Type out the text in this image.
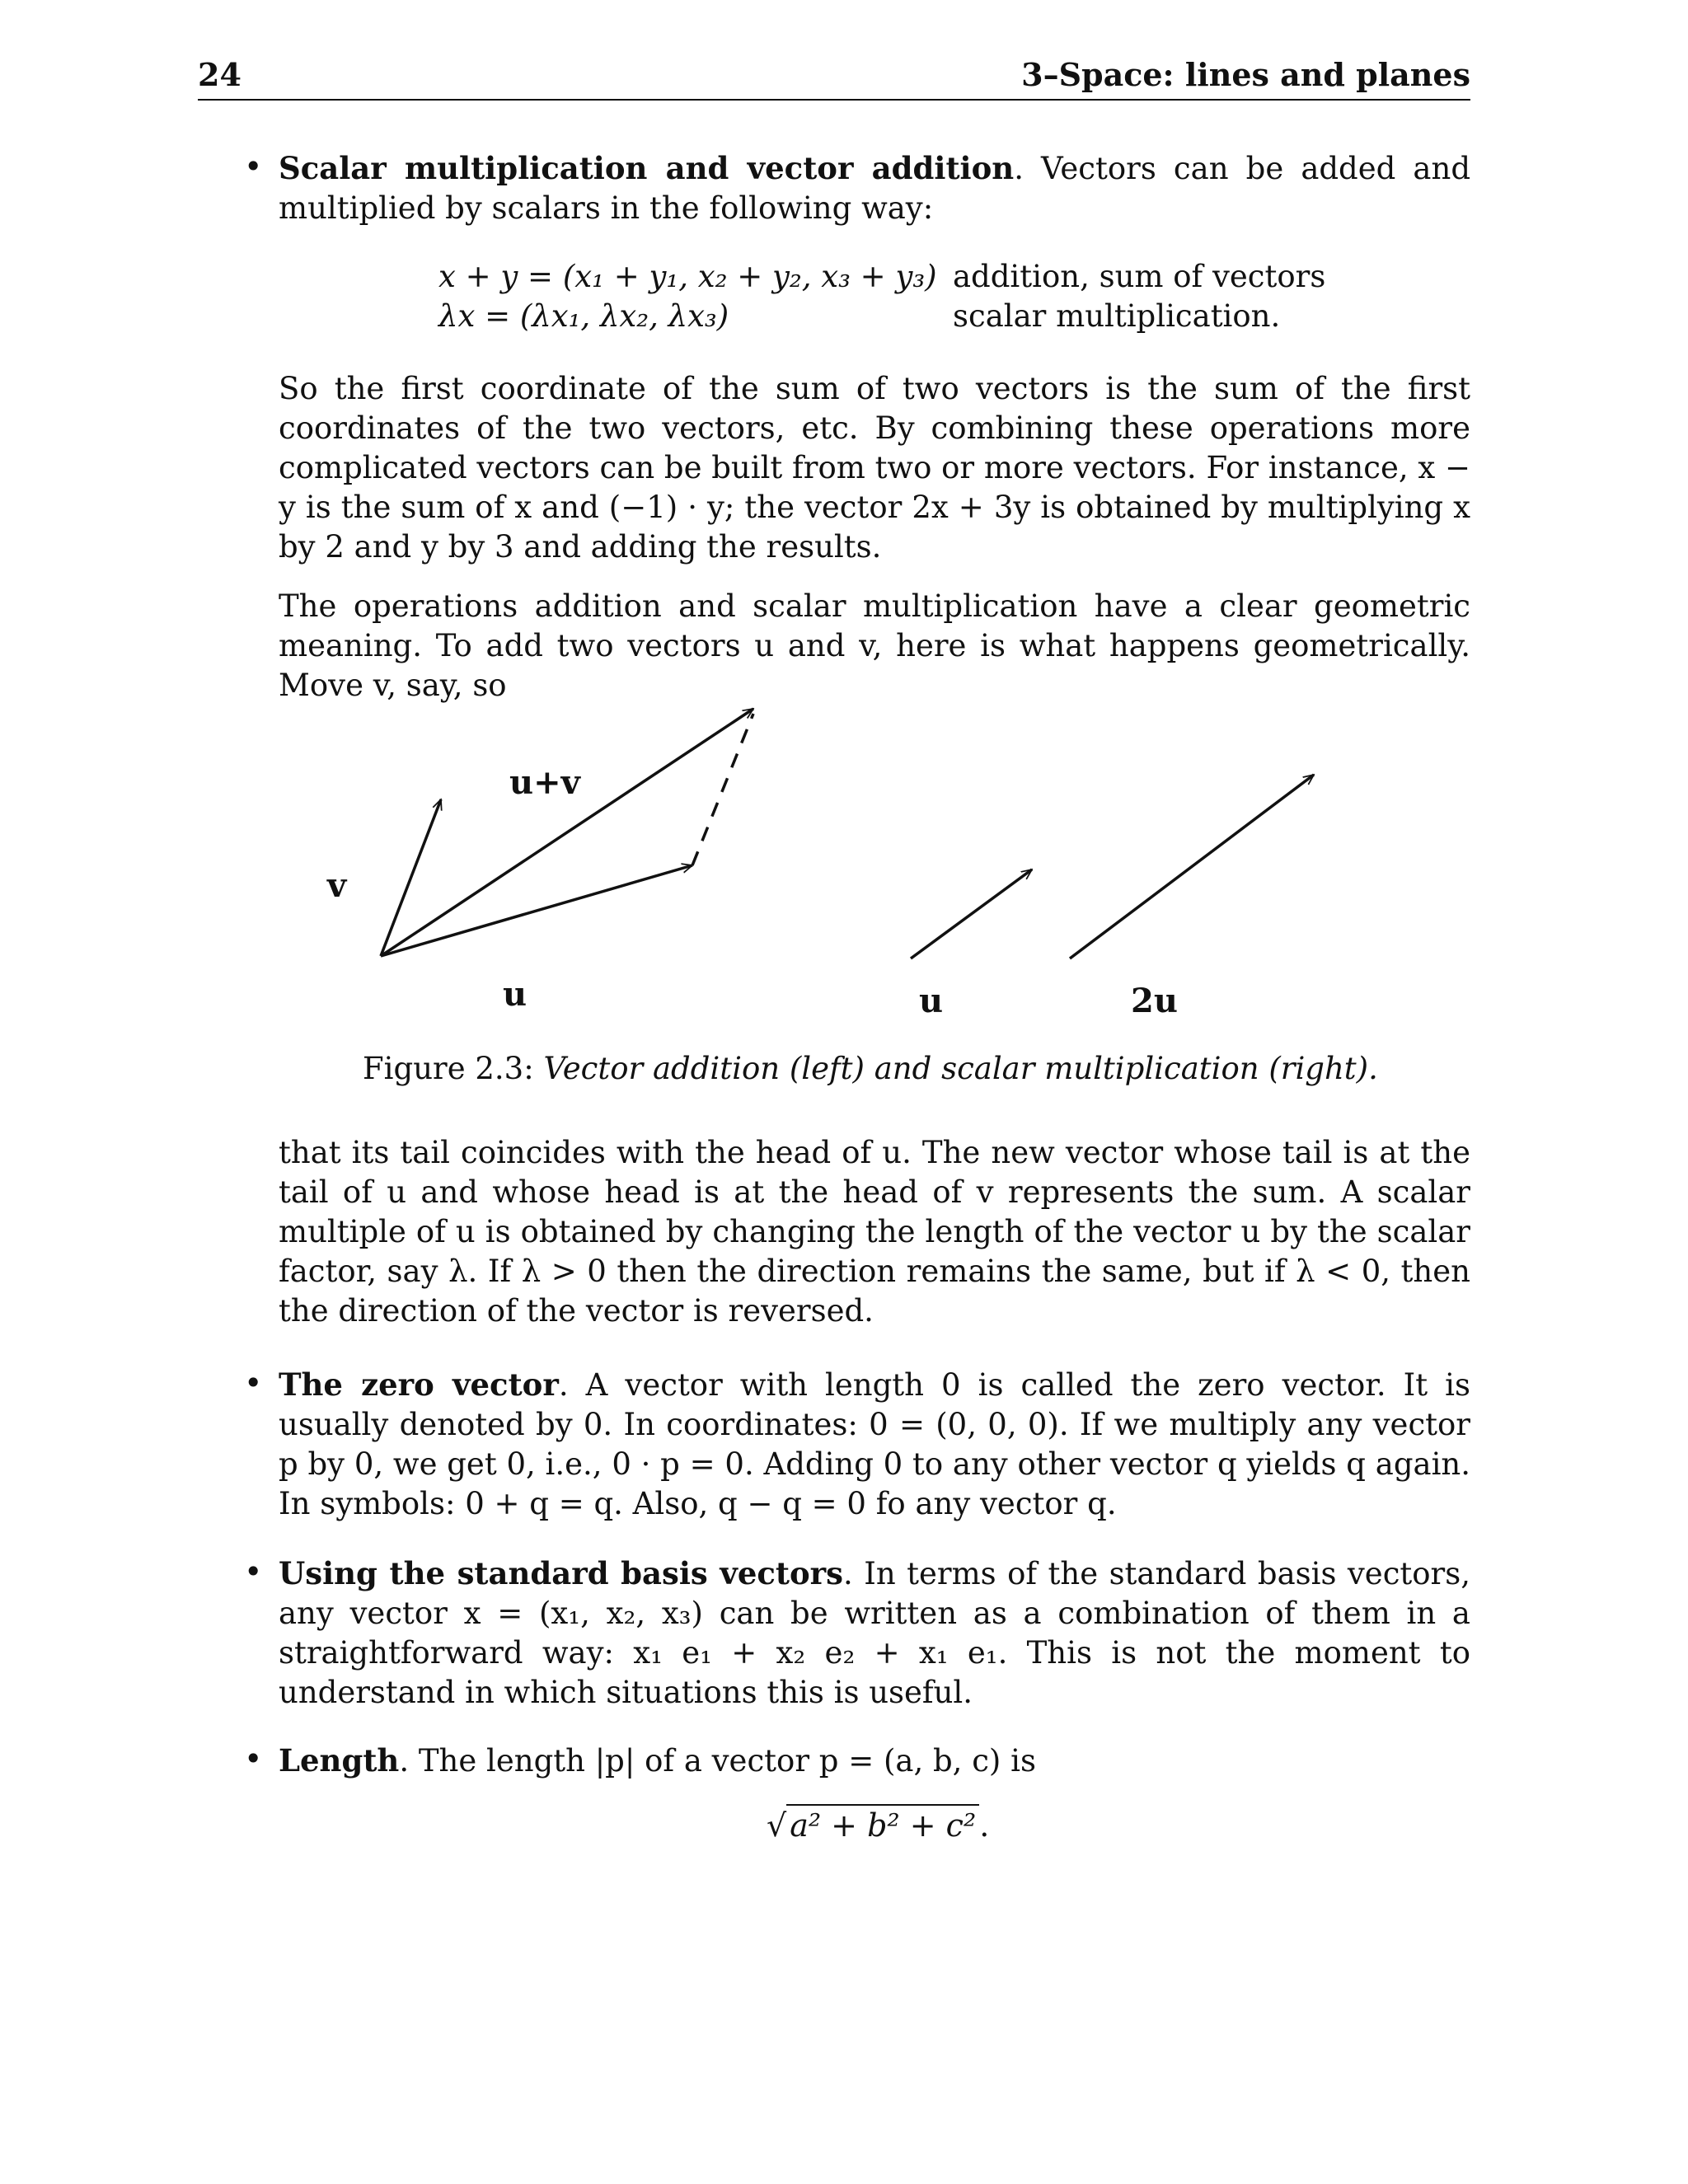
24	3–Space: lines and planes
• Scalar multiplication and vector addition. Vectors can be added and multiplied by scalars in the following way:

x + y = (x₁ + y₁, x₂ + y₂, x₃ + y₃) addition, sum of vectors
λx = (λx₁, λx₂, λx₃)	scalar multiplication.

So the first coordinate of the sum of two vectors is the sum of the first coordinates of the two vectors, etc. By combining these operations more complicated vectors can be built from two or more vectors. For instance, x − y is the sum of x and (−1) · y; the vector 2x + 3y is obtained by multiplying x by 2 and y by 3 and adding the results.

The operations addition and scalar multiplication have a clear geometric meaning. To add two vectors u and v, here is what happens geometrically. Move v, say, so

v
u+v
u	u	2u
Figure 2.3: Vector addition (left) and scalar multiplication (right).

that its tail coincides with the head of u. The new vector whose tail is at the tail of u and whose head is at the head of v represents the sum. A scalar multiple of u is obtained by changing the length of the vector u by the scalar factor, say λ. If λ > 0 then the direction remains the same, but if λ < 0, then the direction of the vector is reversed.

• The zero vector. A vector with length 0 is called the zero vector. It is usually denoted by 0. In coordinates: 0 = (0, 0, 0). If we multiply any vector p by 0, we get 0, i.e., 0 · p = 0. Adding 0 to any other vector q yields q again. In symbols: 0 + q = q. Also, q − q = 0 fo any vector q.

• Using the standard basis vectors. In terms of the standard basis vectors, any vector x = (x₁, x₂, x₃) can be written as a combination of them in a straightforward way: x₁ e₁ + x₂ e₂ + x₁ e₁. This is not the moment to understand in which situations this is useful.

• Length. The length |p| of a vector p = (a, b, c) is

√ a² + b² + c² .
